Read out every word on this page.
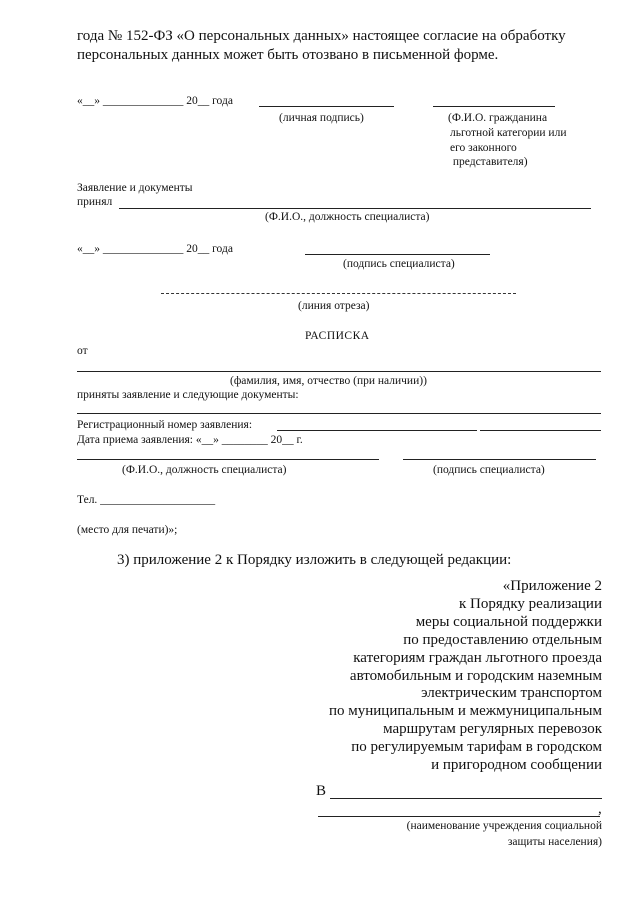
года № 152-ФЗ «О персональных данных» настоящее согласие на обработку
персональных данных может быть отозвано в письменной форме.
«__» ______________ 20__ года
(личная подпись)	(Ф.И.О. гражданина
льготной категории или
его законного
представителя)
Заявление и документы
принял
(Ф.И.О., должность специалиста)
«__» ______________ 20__ года
(подпись специалиста)
(линия отреза)
РАСПИСКА
от
(фамилия, имя, отчество (при наличии))
приняты заявление и следующие документы:
Регистрационный номер заявления:
Дата приема заявления: «__» ________ 20__ г.
(Ф.И.О., должность специалиста)	(подпись специалиста)
Тел. ____________________
(место для печати)»;
3) приложение 2 к Порядку изложить в следующей редакции:
«Приложение 2
к Порядку реализации
меры социальной поддержки
по предоставлению отдельным
категориям граждан льготного проезда
автомобильным и городским наземным
электрическим транспортом
по муниципальным и межмуниципальным
маршрутам регулярных перевозок
по регулируемым тарифам в городском
и пригородном сообщении
В
,
(наименование учреждения социальной
защиты населения)
